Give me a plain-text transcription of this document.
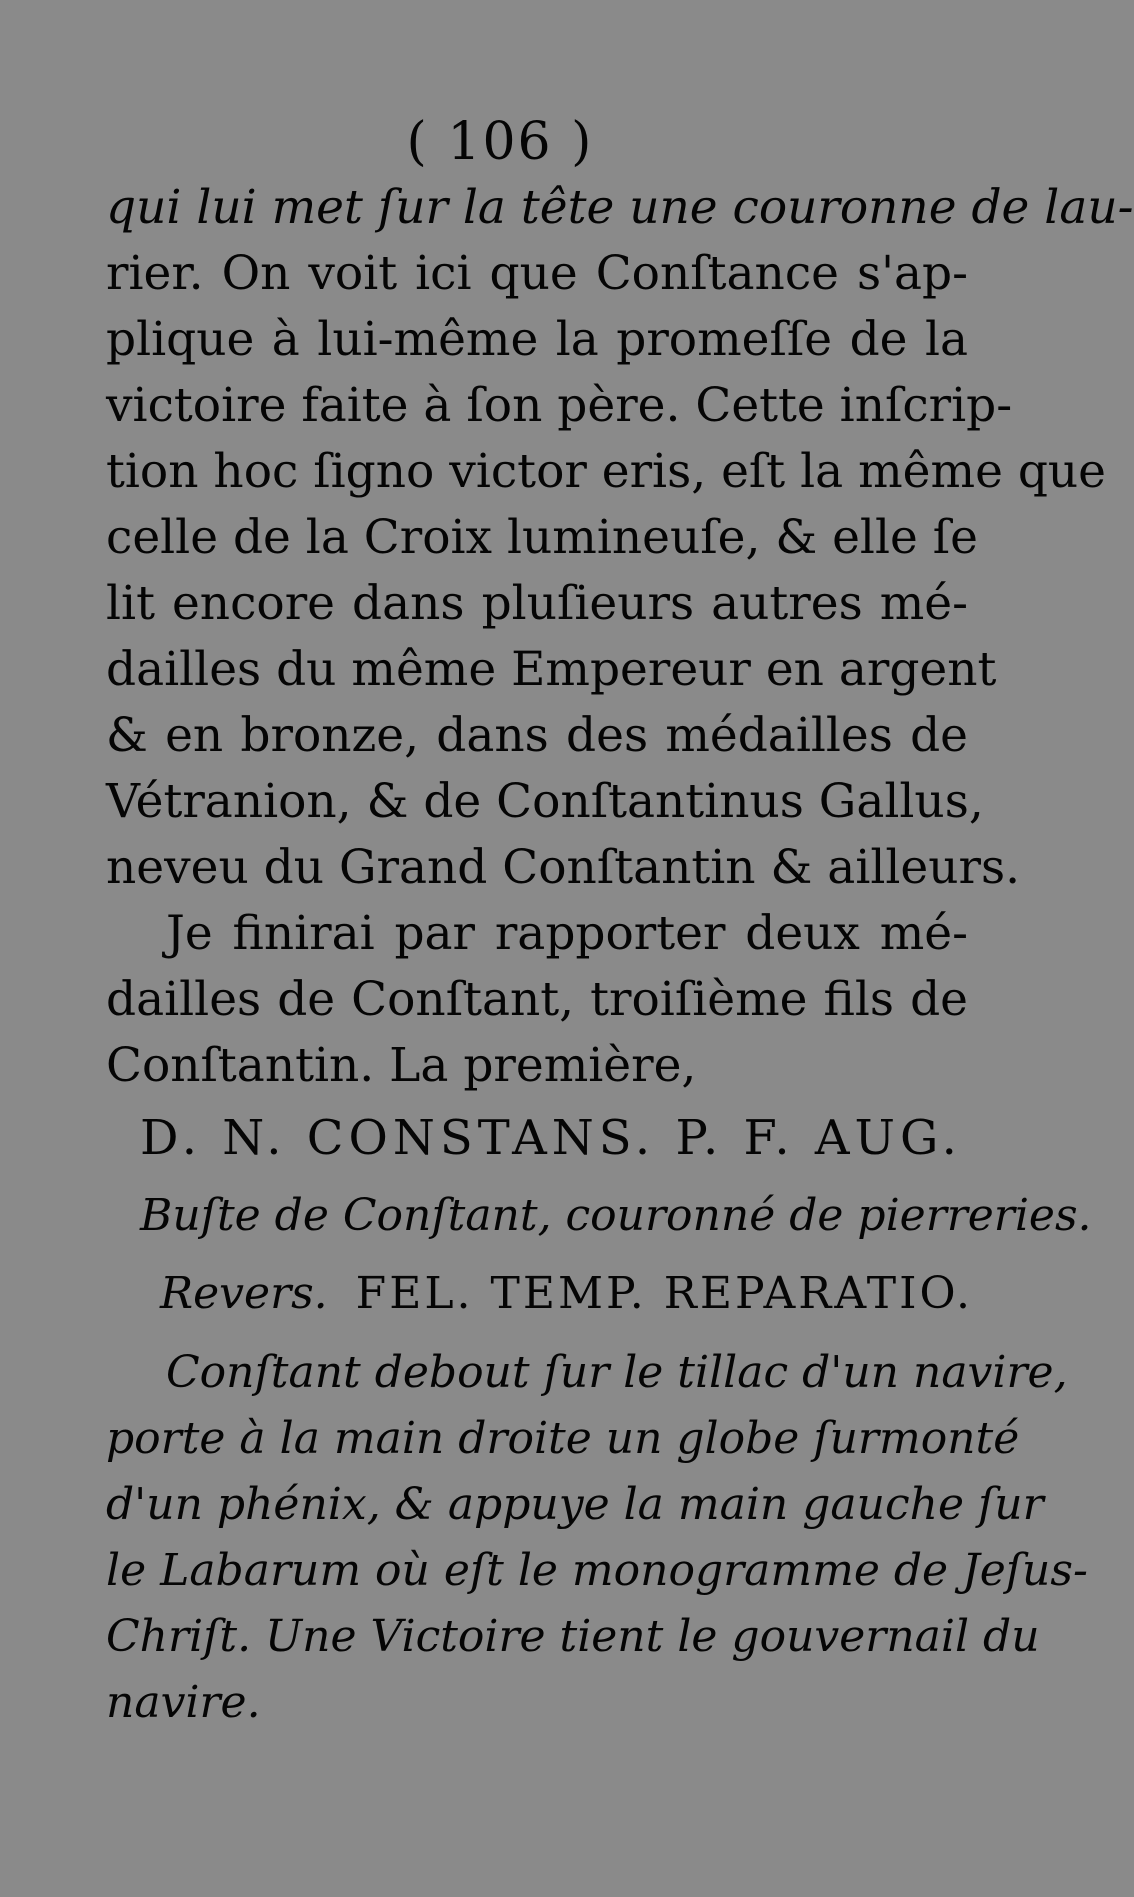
( 106 )
qui lui met ſur la tête une couronne de lau-
rier. On voit ici que Conſtance s'ap-
plique à lui-même la promeſſe de la
victoire faite à ſon père. Cette inſcrip-
tion hoc ſigno victor eris, eſt la même que
celle de la Croix lumineuſe, & elle ſe
lit encore dans pluſieurs autres mé-
dailles du même Empereur en argent
& en bronze, dans des médailles de
Vétranion, & de Conſtantinus Gallus,
neveu du Grand Conſtantin & ailleurs.
Je finirai par rapporter deux mé-
dailles de Conſtant, troiſième fils de
Conſtantin. La première,
D. N. CONSTANS. P. F. AUG.
Buſte de Conſtant, couronné de pierreries.
Revers. FEL. TEMP. REPARATIO.
Conſtant debout ſur le tillac d'un navire,
porte à la main droite un globe ſurmonté
d'un phénix, & appuye la main gauche ſur
le Labarum où eſt le monogramme de Jeſus-
Chriſt. Une Victoire tient le gouvernail du
navire.
